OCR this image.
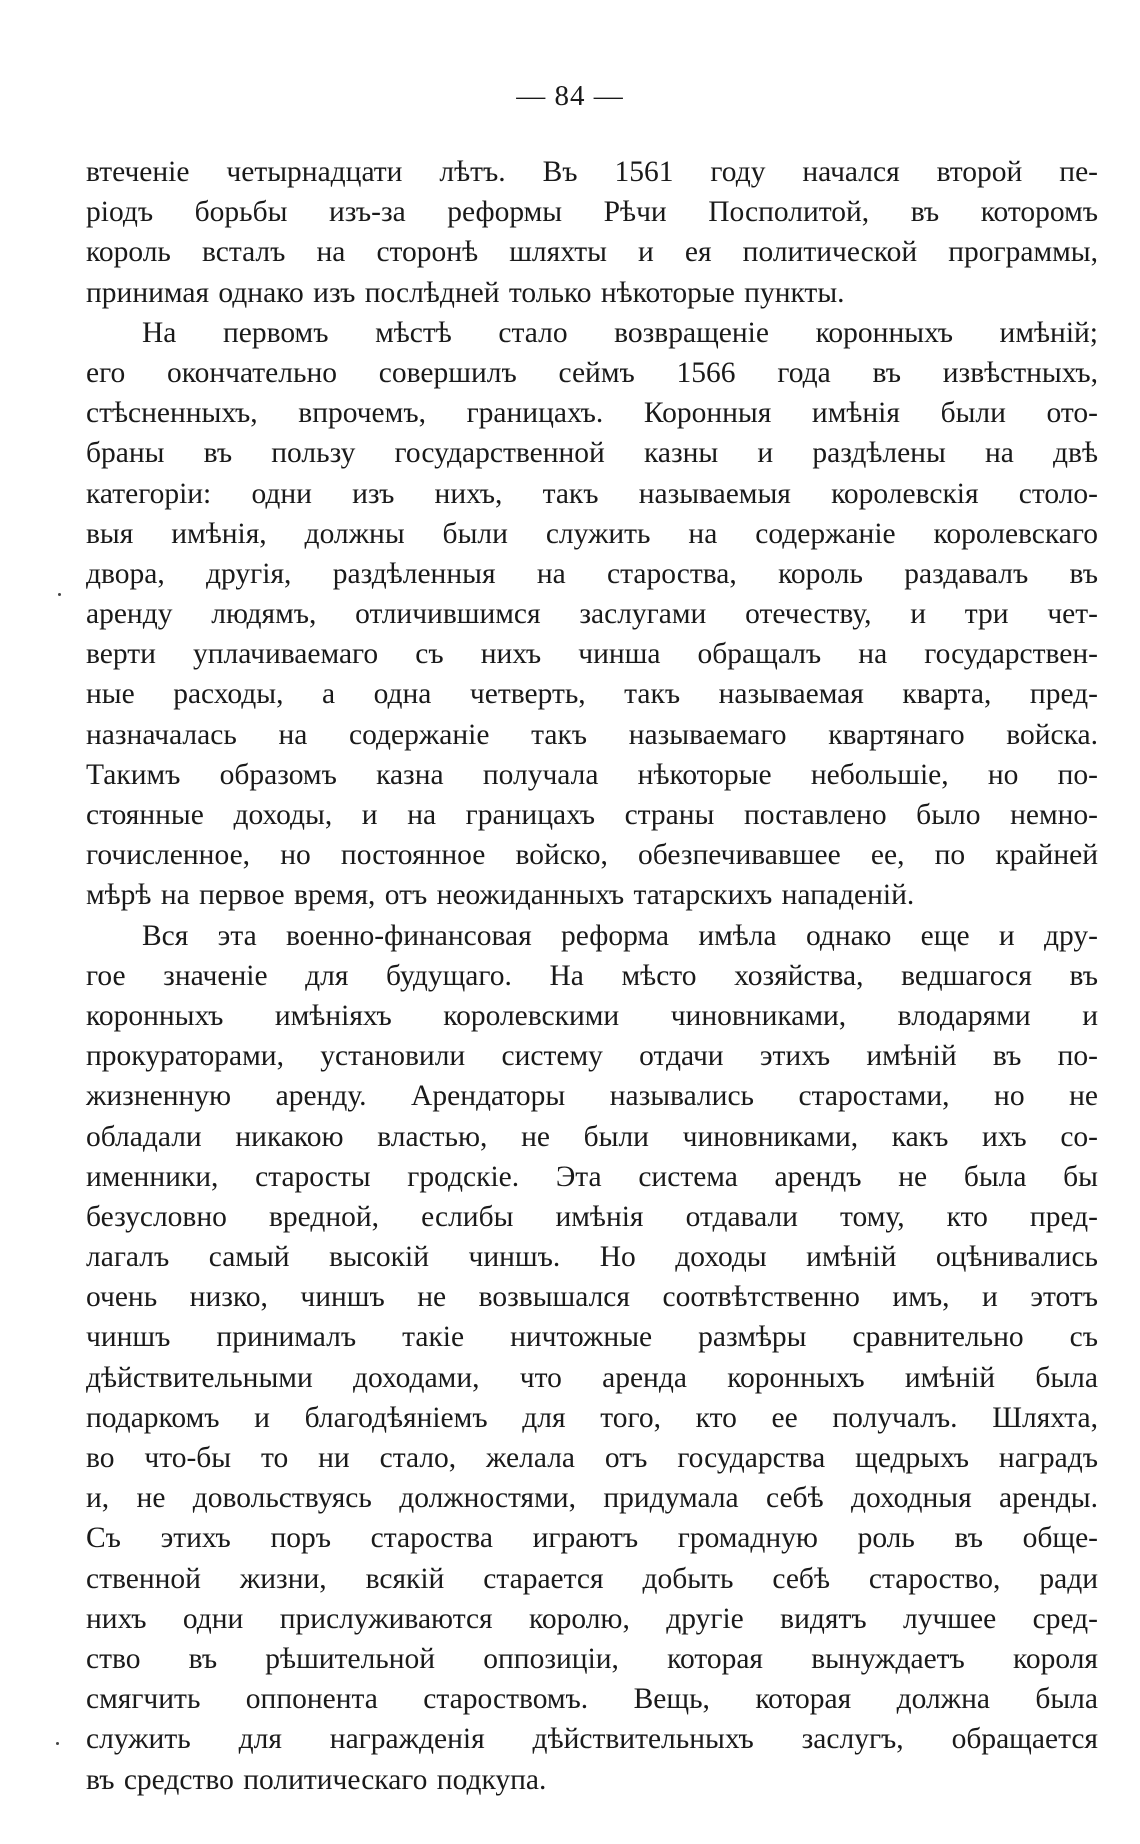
— 84 —
втеченіе четырнадцати лѣтъ. Въ 1561 году начался второй пе-
ріодъ борьбы изъ-за реформы Рѣчи Посполитой, въ которомъ
король всталъ на сторонѣ шляхты и ея политической программы,
принимая однако изъ послѣдней только нѣкоторые пункты.
На первомъ мѣстѣ стало возвращеніе коронныхъ имѣній;
его окончательно совершилъ сеймъ 1566 года въ извѣстныхъ,
стѣсненныхъ, впрочемъ, границахъ. Коронныя имѣнія были ото-
браны въ пользу государственной казны и раздѣлены на двѣ
категоріи: одни изъ нихъ, такъ называемыя королевскія столо-
выя имѣнія, должны были служить на содержаніе королевскаго
двора, другія, раздѣленныя на староства, король раздавалъ въ
аренду людямъ, отличившимся заслугами отечеству, и три чет-
верти уплачиваемаго съ нихъ чинша обращалъ на государствен-
ные расходы, а одна четверть, такъ называемая кварта, пред-
назначалась на содержаніе такъ называемаго квартянаго войска.
Такимъ образомъ казна получала нѣкоторые небольшіе, но по-
стоянные доходы, и на границахъ страны поставлено было немно-
гочисленное, но постоянное войско, обезпечивавшее ее, по крайней
мѣрѣ на первое время, отъ неожиданныхъ татарскихъ нападеній.
Вся эта военно-финансовая реформа имѣла однако еще и дру-
гое значеніе для будущаго. На мѣсто хозяйства, ведшагося въ
коронныхъ имѣніяхъ королевскими чиновниками, влодарями и
прокураторами, установили систему отдачи этихъ имѣній въ по-
жизненную аренду. Арендаторы назывались старостами, но не
обладали никакою властью, не были чиновниками, какъ ихъ со-
именники, старосты гродскіе. Эта система арендъ не была бы
безусловно вредной, еслибы имѣнія отдавали тому, кто пред-
лагалъ самый высокій чиншъ. Но доходы имѣній оцѣнивались
очень низко, чиншъ не возвышался соотвѣтственно имъ, и этотъ
чиншъ принималъ такіе ничтожные размѣры сравнительно съ
дѣйствительными доходами, что аренда коронныхъ имѣній была
подаркомъ и благодѣяніемъ для того, кто ее получалъ. Шляхта,
во что-бы то ни стало, желала отъ государства щедрыхъ наградъ
и, не довольствуясь должностями, придумала себѣ доходныя аренды.
Съ этихъ поръ староства играютъ громадную роль въ обще-
ственной жизни, всякій старается добыть себѣ староство, ради
нихъ одни прислуживаются королю, другіе видятъ лучшее сред-
ство въ рѣшительной оппозиціи, которая вынуждаетъ короля
смягчить оппонента староствомъ. Вещь, которая должна была
служить для награжденія дѣйствительныхъ заслугъ, обращается
въ средство политическаго подкупа.
